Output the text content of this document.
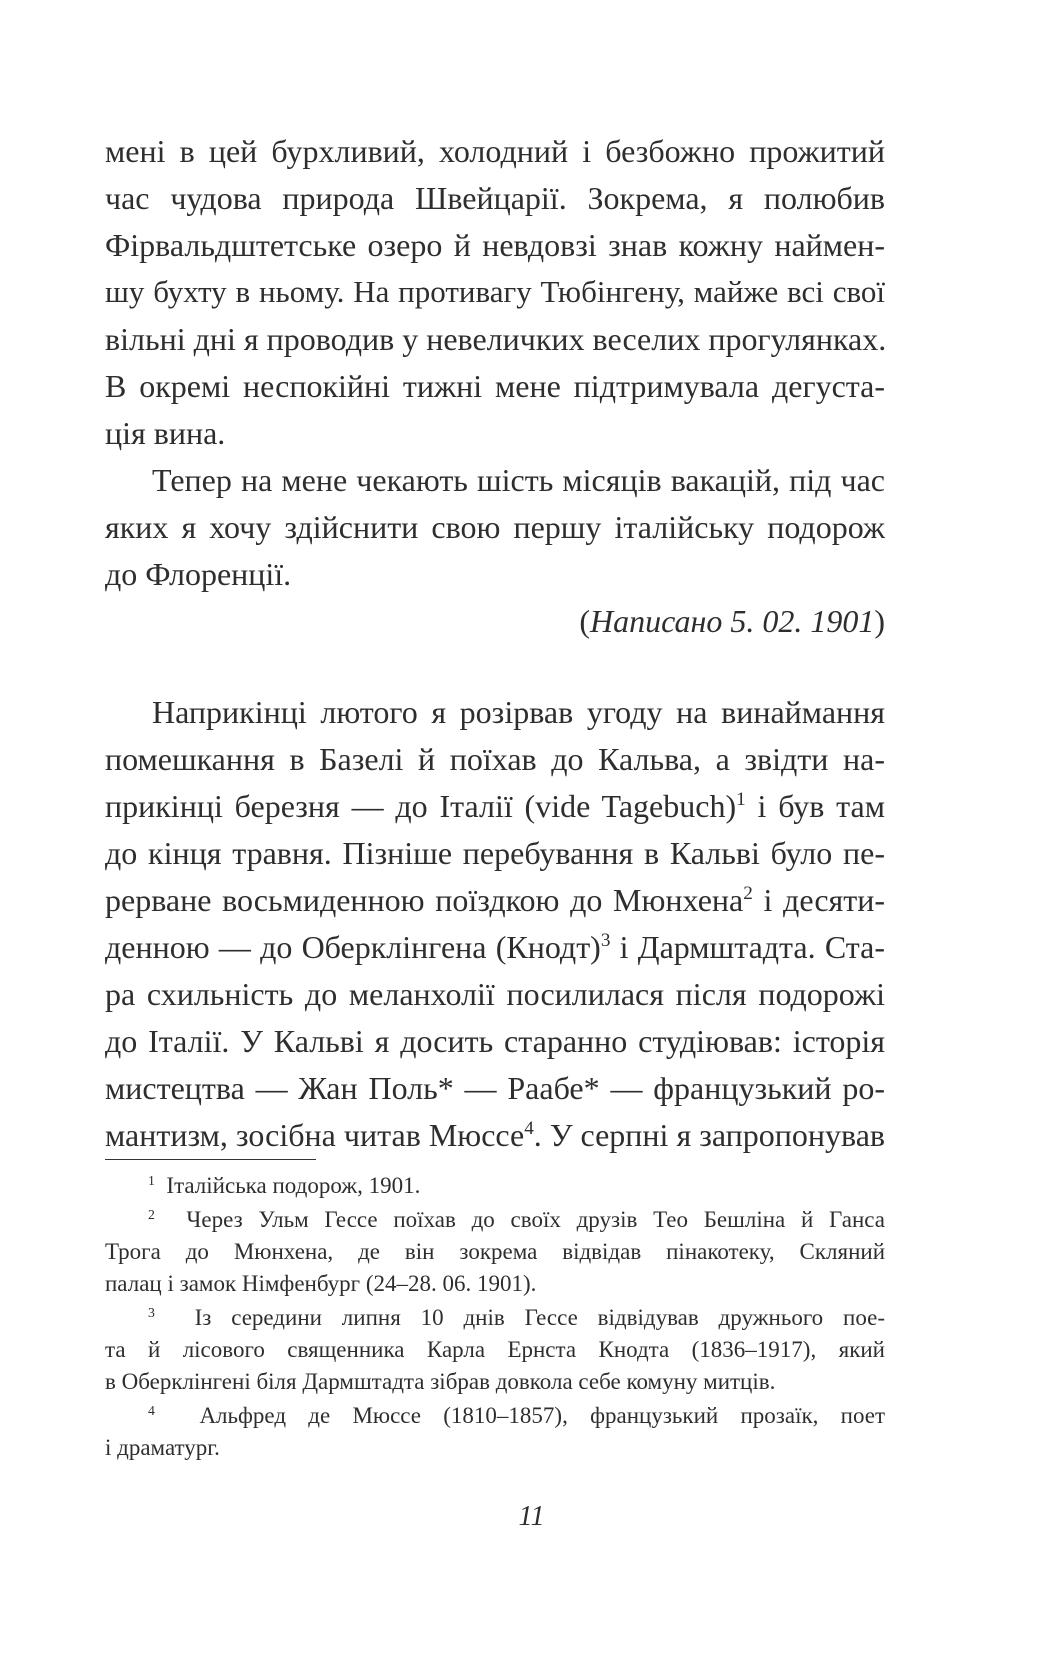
мені в цей бурхливий, холодний і безбожно прожитий
час чудова природа Швейцарії. Зокрема, я полюбив
Фірвальдштетське озеро й невдовзі знав кожну наймен-
шу бухту в ньому. На противагу Тюбінгену, майже всі свої
вільні дні я проводив у невеличких веселих прогулянках.
В окремі неспокійні тижні мене підтримувала дегуста-
ція вина.
Тепер на мене чекають шість місяців вакацій, під час
яких я хочу здійснити свою першу італійську подорож
до Флоренції.
(Написано 5. 02. 1901)
Наприкінці лютого я розірвав угоду на винаймання
помешкання в Базелі й поїхав до Кальва, а звідти на-
прикінці березня — до Італії (vide Tagebuch)$^1$ і був там
до кінця травня. Пізніше перебування в Кальві було пе-
рерване восьмиденною поїздкою до Мюнхена$^2$ і десяти-
денною — до Оберклінгена (Кнодт)$^3$ і Дармштадта. Ста-
ра схильність до меланхолії посилилася після подорожі
до Італії. У Кальві я досить старанно студіював: історія
мистецтва — Жан Поль* — Раабе* — французький ро-
мантизм, зосібна читав Мюссе$^4$. У серпні я запропонував
$^1$ Італійська подорож, 1901.
$^2$ Через Ульм Гессе поїхав до своїх друзів Тео Бешліна й Ганса
Трога до Мюнхена, де він зокрема відвідав пінакотеку, Скляний
палац і замок Німфенбург (24–28. 06. 1901).
$^3$ Із середини липня 10 днів Гессе відвідував дружнього пое-
та й лісового священника Карла Ернста Кнодта (1836–1917), який
в Оберклінгені біля Дармштадта зібрав довкола себе комуну митців.
$^4$ Альфред де Мюссе (1810–1857), французький прозаїк, поет
і драматург.
11
